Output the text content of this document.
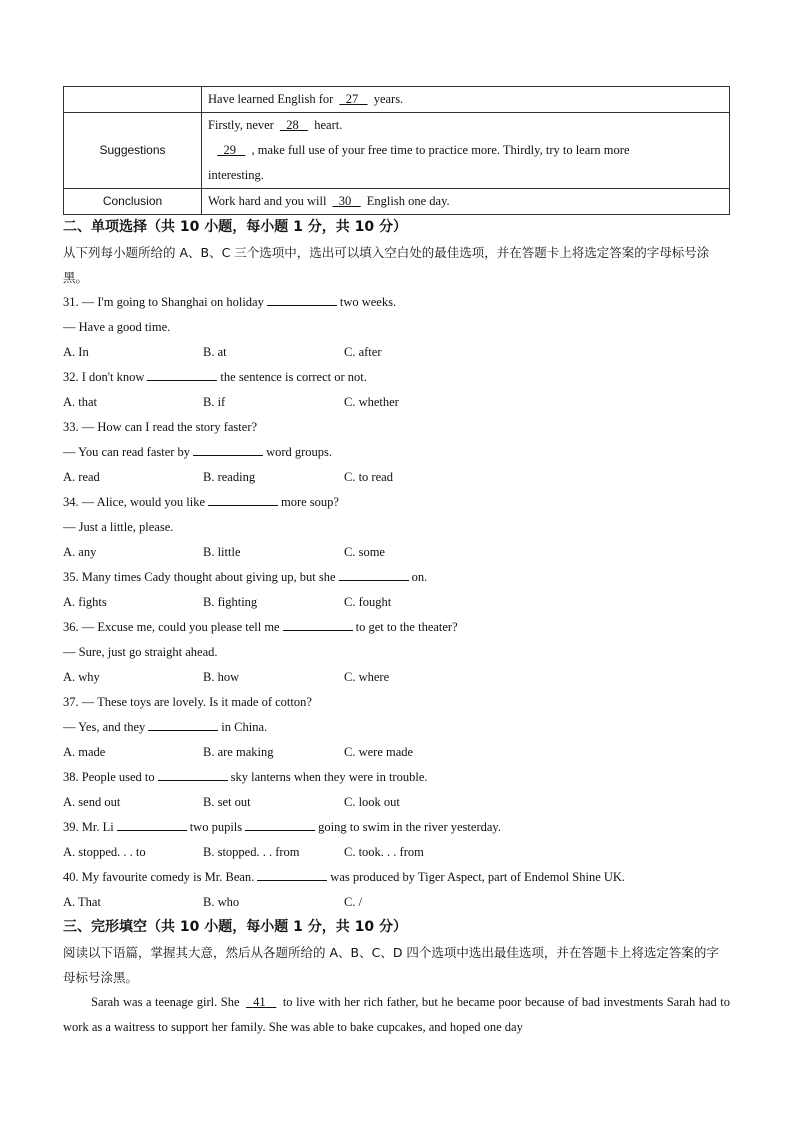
	Have learned English for 27 years.
Suggestions	Firstly, never 28 heart.
29 , make full use of your free time to practice more. Thirdly, try to learn more
interesting.
Conclusion	Work hard and you will 30 English one day.

二、单项选择（共 10 小题，每小题 1 分，共 10 分）

从下列每小题所给的 A、B、C 三个选项中，选出可以填入空白处的最佳选项，并在答题卡上将选定答案的字母标号涂黑。

31. — I'm going to Shanghai on holiday	two weeks.

— Have a good time.

A. In	B. at	C. after

32. I don't know	the sentence is correct or not.

A. that	B. if	C. whether

33. — How can I read the story faster?

— You can read faster by	word groups.

A. read	B. reading	C. to read

34. — Alice, would you like	more soup?

— Just a little, please.

A. any	B. little	C. some

35. Many times Cady thought about giving up, but she	on.

A. fights	B. fighting	C. fought

36. — Excuse me, could you please tell me	to get to the theater?

— Sure, just go straight ahead.

A. why	B. how	C. where

37. — These toys are lovely. Is it made of cotton?

— Yes, and they	in China.

A. made	B. are making	C. were made

38. People used to	sky lanterns when they were in trouble.

A. send out	B. set out	C. look out

39. Mr. Li	two pupils	going to swim in the river yesterday.

A. stopped. . . to	B. stopped. . . from	C. took. . . from

40. My favourite comedy is Mr. Bean.	was produced by Tiger Aspect, part of Endemol Shine UK.

A. That	B. who	C. /

三、完形填空（共 10 小题，每小题 1 分，共 10 分）

阅读以下语篇，掌握其大意，然后从各题所给的 A、B、C、D 四个选项中选出最佳选项，并在答题卡上将选定答案的字母标号涂黑。

Sarah was a teenage girl. She 41 to live with her rich father, but he became poor because of bad investments Sarah had to work as a waitress to support her family. She was able to bake cupcakes, and hoped one day
